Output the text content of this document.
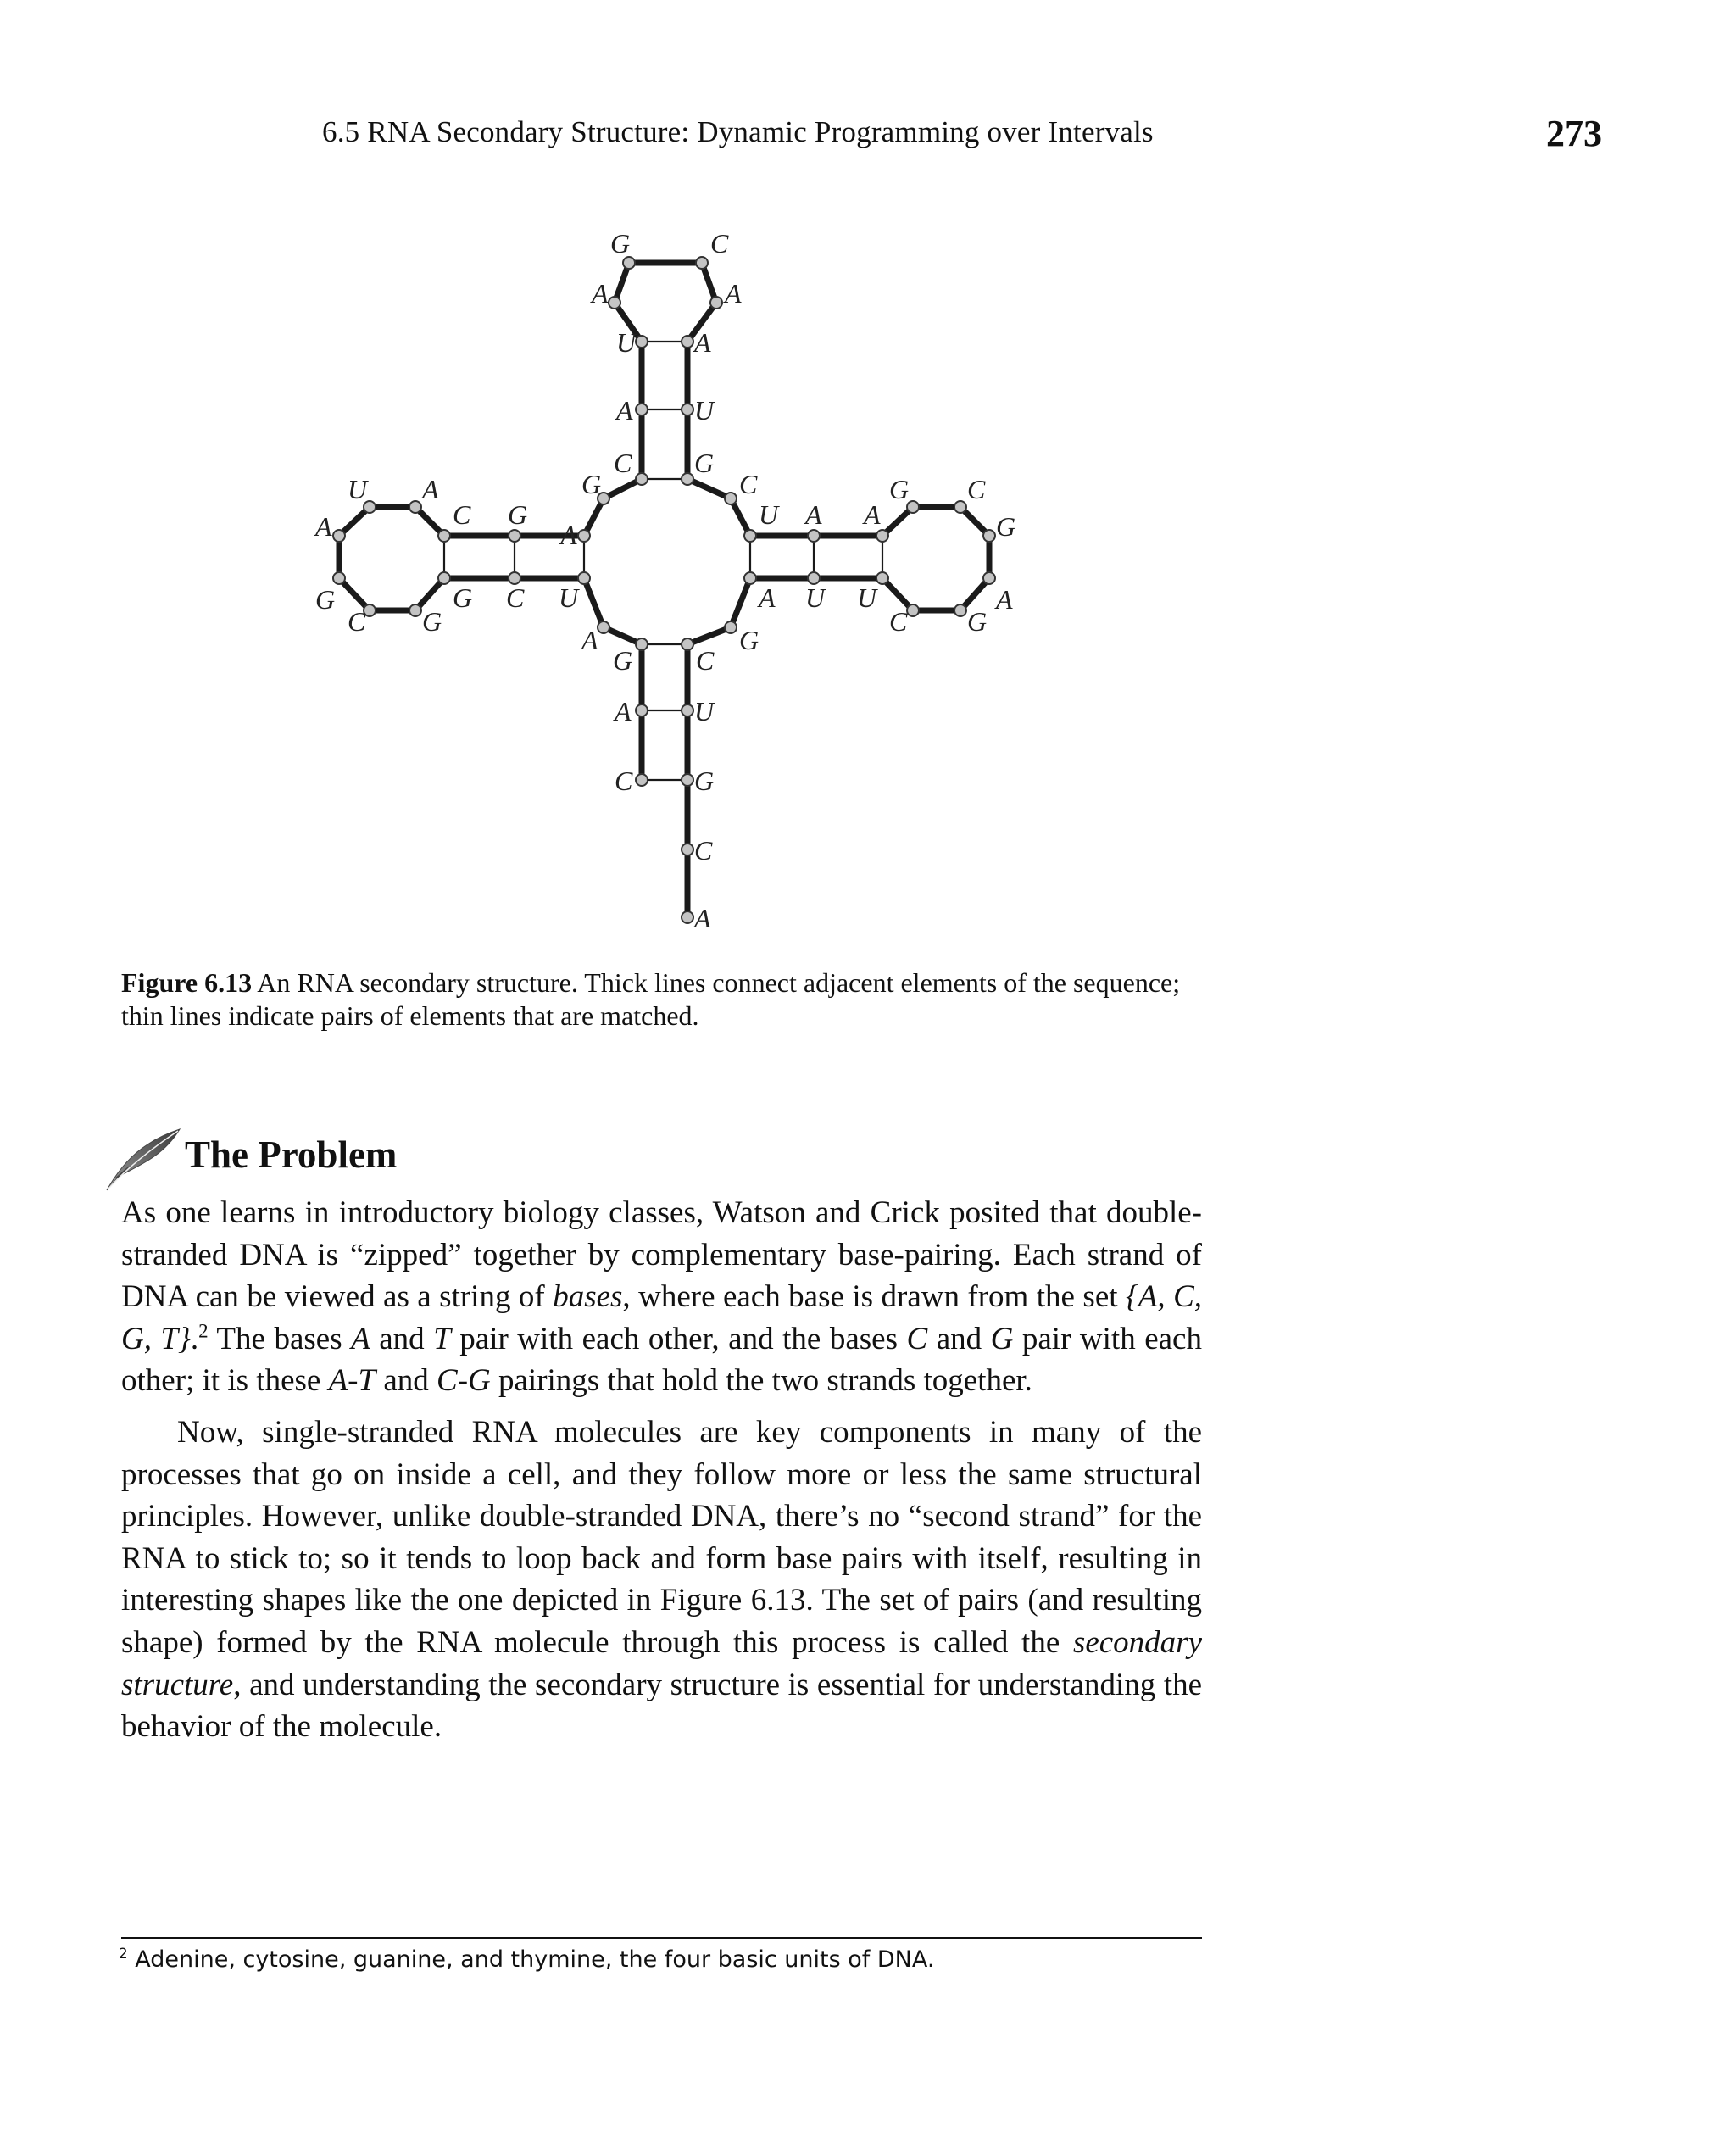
6.5 RNA Secondary Structure: Dynamic Programming over Intervals	273
A
C
G
U
C
G
A U U
C G
A
G
C
G
A
A
U
C
G
U
A
A
C
G
A
U
A
C
G
A
G
C
A
U
A
G
C G
G C U
A
G
A
C
Figure 6.13 An RNA secondary structure. Thick lines connect adjacent elements of the sequence; thin lines indicate pairs of elements that are matched.
The Problem

As one learns in introductory biology classes, Watson and Crick posited that double-stranded DNA is “zipped” together by complementary base-pairing. Each strand of DNA can be viewed as a string of bases, where each base is drawn from the set {A, C, G, T}.$^2$ The bases A and T pair with each other, and the bases C and G pair with each other; it is these A-T and C-G pairings that hold the two strands together.

Now, single-stranded RNA molecules are key components in many of the processes that go on inside a cell, and they follow more or less the same structural principles. However, unlike double-stranded DNA, there’s no “second strand” for the RNA to stick to; so it tends to loop back and form base pairs with itself, resulting in interesting shapes like the one depicted in Figure 6.13. The set of pairs (and resulting shape) formed by the RNA molecule through this process is called the secondary structure, and understanding the secondary structure is essential for understanding the behavior of the molecule.

$^2$ Adenine, cytosine, guanine, and thymine, the four basic units of DNA.
